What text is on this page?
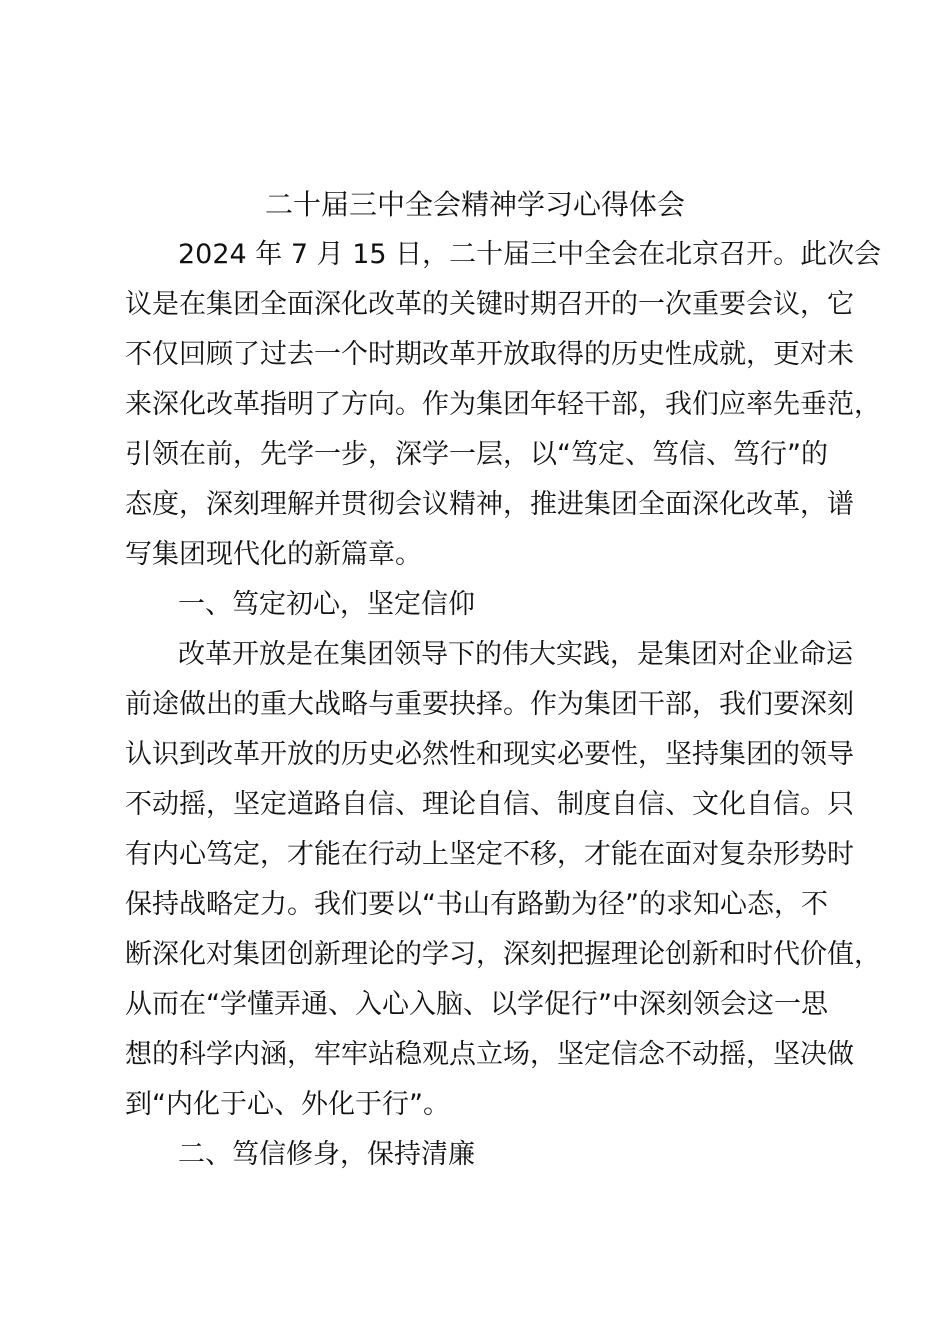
二十届三中全会精神学习心得体会
2024 年 7 月 15 日，二十届三中全会在北京召开。此次会
议是在集团全面深化改革的关键时期召开的一次重要会议，它
不仅回顾了过去一个时期改革开放取得的历史性成就，更对未
来深化改革指明了方向。作为集团年轻干部，我们应率先垂范，
引领在前，先学一步，深学一层，以“笃定、笃信、笃行”的
态度，深刻理解并贯彻会议精神，推进集团全面深化改革，谱
写集团现代化的新篇章。
一、笃定初心，坚定信仰
改革开放是在集团领导下的伟大实践，是集团对企业命运
前途做出的重大战略与重要抉择。作为集团干部，我们要深刻
认识到改革开放的历史必然性和现实必要性，坚持集团的领导
不动摇，坚定道路自信、理论自信、制度自信、文化自信。只
有内心笃定，才能在行动上坚定不移，才能在面对复杂形势时
保持战略定力。我们要以“书山有路勤为径”的求知心态，不
断深化对集团创新理论的学习，深刻把握理论创新和时代价值，
从而在“学懂弄通、入心入脑、以学促行”中深刻领会这一思
想的科学内涵，牢牢站稳观点立场，坚定信念不动摇，坚决做
到“内化于心、外化于行”。
二、笃信修身，保持清廉
